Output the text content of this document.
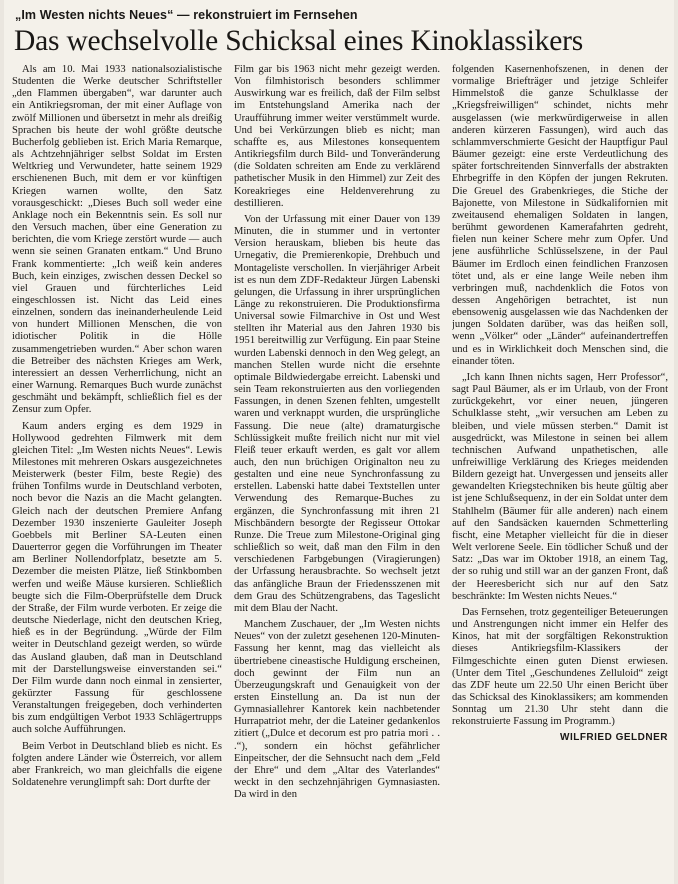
„Im Westen nichts Neues“ — rekonstruiert im Fernsehen
Das wechselvolle Schicksal eines Kinoklassikers

Als am 10. Mai 1933 nationalsozialistische Studenten die Werke deutscher Schriftsteller „den Flammen übergaben“, war darunter auch ein Antikriegsroman, der mit einer Auflage von zwölf Millionen und übersetzt in mehr als dreißig Sprachen bis heute der wohl größte deutsche Bucherfolg geblieben ist. Erich Maria Remarque, als Achtzehnjähriger selbst Soldat im Ersten Weltkrieg und Verwundeter, hatte seinem 1929 erschienenen Buch, mit dem er vor künftigen Kriegen warnen wollte, den Satz vorausgeschickt: „Dieses Buch soll weder eine Anklage noch ein Bekenntnis sein. Es soll nur den Versuch machen, über eine Generation zu berichten, die vom Kriege zerstört wurde — auch wenn sie seinen Granaten entkam.“ Und Bruno Frank kommentierte: „Ich weiß kein anderes Buch, kein einziges, zwischen dessen Deckel so viel Grauen und fürchterliches Leid eingeschlossen ist. Nicht das Leid eines einzelnen, sondern das ineinanderheulende Leid von hundert Millionen Menschen, die von idiotischer Politik in die Hölle zusammengetrieben wurden.“ Aber schon waren die Betreiber des nächsten Krieges am Werk, interessiert an dessen Verherrlichung, nicht an einer Warnung. Remarques Buch wurde zunächst geschmäht und bekämpft, schließlich fiel es der Zensur zum Opfer.

Kaum anders erging es dem 1929 in Hollywood gedrehten Filmwerk mit dem gleichen Titel: „Im Westen nichts Neues“. Lewis Milestones mit mehreren Oskars ausgezeichnetes Meisterwerk (bester Film, beste Regie) des frühen Tonfilms wurde in Deutschland verboten, noch bevor die Nazis an die Macht gelangten. Gleich nach der deutschen Premiere Anfang Dezember 1930 inszenierte Gauleiter Joseph Goebbels mit Berliner SA-Leuten einen Dauerterror gegen die Vorführungen im Theater am Berliner Nollendorfplatz, besetzte am 5. Dezember die meisten Plätze, ließ Stinkbomben werfen und weiße Mäuse kursieren. Schließlich beugte sich die Film-Oberprüfstelle dem Druck der Straße, der Film wurde verboten. Er zeige die deutsche Niederlage, nicht den deutschen Krieg, hieß es in der Begründung. „Würde der Film weiter in Deutschland gezeigt werden, so würde das Ausland glauben, daß man in Deutschland mit der Darstellungsweise einverstanden sei.“ Der Film wurde dann noch einmal in zensierter, gekürzter Fassung für geschlossene Veranstaltungen freigegeben, doch verhinderten bis zum endgültigen Verbot 1933 Schlägertrupps auch solche Aufführungen.

Beim Verbot in Deutschland blieb es nicht. Es folgten andere Länder wie Österreich, vor allem aber Frankreich, wo man gleichfalls die eigene Soldatenehre verunglimpft sah: Dort durfte der

Film gar bis 1963 nicht mehr gezeigt werden. Von filmhistorisch besonders schlimmer Auswirkung war es freilich, daß der Film selbst im Entstehungsland Amerika nach der Uraufführung immer weiter verstümmelt wurde. Und bei Verkürzungen blieb es nicht; man schaffte es, aus Milestones konsequentem Antikriegsfilm durch Bild- und Tonveränderung (die Soldaten schreiten am Ende zu verklärend pathetischer Musik in den Himmel) zur Zeit des Koreakrieges eine Heldenverehrung zu destillieren.

Von der Urfassung mit einer Dauer von 139 Minuten, die in stummer und in vertonter Version herauskam, blieben bis heute das Urnegativ, die Premierenkopie, Drehbuch und Montageliste verschollen. In vierjähriger Arbeit ist es nun dem ZDF-Redakteur Jürgen Labenski gelungen, die Urfassung in ihrer ursprünglichen Länge zu rekonstruieren. Die Produktionsfirma Universal sowie Filmarchive in Ost und West stellten ihr Material aus den Jahren 1930 bis 1951 bereitwillig zur Verfügung. Ein paar Steine wurden Labenski dennoch in den Weg gelegt, an manchen Stellen wurde nicht die ersehnte optimale Bildwiedergabe erreicht. Labenski und sein Team rekonstruierten aus den vorliegenden Fassungen, in denen Szenen fehlten, umgestellt waren und verknappt wurden, die ursprüngliche Fassung. Die neue (alte) dramaturgische Schlüssigkeit mußte freilich nicht nur mit viel Fleiß teuer erkauft werden, es galt vor allem auch, den nun brüchigen Originalton neu zu gestalten und eine neue Synchronfassung zu erstellen. Labenski hatte dabei Textstellen unter Verwendung des Remarque-Buches zu ergänzen, die Synchronfassung mit ihren 21 Mischbändern besorgte der Regisseur Ottokar Runze. Die Treue zum Milestone-Original ging schließlich so weit, daß man den Film in den verschiedenen Farbgebungen (Viragierungen) der Urfassung herausbrachte. So wechselt jetzt das anfängliche Braun der Friedensszenen mit dem Grau des Schützengrabens, das Tageslicht mit dem Blau der Nacht.

Manchem Zuschauer, der „Im Westen nichts Neues“ von der zuletzt gesehenen 120-Minuten-Fassung her kennt, mag das vielleicht als übertriebene cineastische Huldigung erscheinen, doch gewinnt der Film nun an Überzeugungskraft und Genauigkeit von der ersten Einstellung an. Da ist nun der Gymnasiallehrer Kantorek kein nachbetender Hurrapatriot mehr, der die Lateiner gedankenlos zitiert („Dulce et decorum est pro patria mori . . .“), sondern ein höchst gefährlicher Einpeitscher, der die Sehnsucht nach dem „Feld der Ehre“ und dem „Altar des Vaterlandes“ weckt in den sechzehnjährigen Gymnasiasten. Da wird in den

folgenden Kasernenhofszenen, in denen der vormalige Briefträger und jetzige Schleifer Himmelstoß die ganze Schulklasse der „Kriegsfreiwilligen“ schindet, nichts mehr ausgelassen (wie merkwürdigerweise in allen anderen kürzeren Fassungen), wird auch das schlammverschmierte Gesicht der Hauptfigur Paul Bäumer gezeigt: eine erste Verdeutlichung des später fortschreitenden Sinnverfalls der abstrakten Ehrbegriffe in den Köpfen der jungen Rekruten. Die Greuel des Grabenkrieges, die Stiche der Bajonette, von Milestone in Südkalifornien mit zweitausend ehemaligen Soldaten in langen, berühmt gewordenen Kamerafahrten gedreht, fielen nun keiner Schere mehr zum Opfer. Und jene ausführliche Schlüsselszene, in der Paul Bäumer im Erdloch einen feindlichen Franzosen tötet und, als er eine lange Weile neben ihm verbringen muß, nachdenklich die Fotos von dessen Angehörigen betrachtet, ist nun ebensowenig ausgelassen wie das Nachdenken der jungen Soldaten darüber, was das heißen soll, wenn „Völker“ oder „Länder“ aufeinandertreffen und es in Wirklichkeit doch Menschen sind, die einander töten.

„Ich kann Ihnen nichts sagen, Herr Professor“, sagt Paul Bäumer, als er im Urlaub, von der Front zurückgekehrt, vor einer neuen, jüngeren Schulklasse steht, „wir versuchen am Leben zu bleiben, und viele müssen sterben.“ Damit ist ausgedrückt, was Milestone in seinen bei allem technischen Aufwand unpathetischen, alle unfreiwillige Verklärung des Krieges meidenden Bildern gezeigt hat. Unvergessen und jenseits aller gewandelten Kriegstechniken bis heute gültig aber ist jene Schlußsequenz, in der ein Soldat unter dem Stahlhelm (Bäumer für alle anderen) nach einem auf den Sandsäcken kauernden Schmetterling fischt, eine Metapher vielleicht für die in dieser Welt verlorene Seele. Ein tödlicher Schuß und der Satz: „Das war im Oktober 1918, an einem Tag, der so ruhig und still war an der ganzen Front, daß der Heeresbericht sich nur auf den Satz beschränkte: Im Westen nichts Neues.“

Das Fernsehen, trotz gegenteiliger Beteuerungen und Anstrengungen nicht immer ein Helfer des Kinos, hat mit der sorgfältigen Rekonstruktion dieses Antikriegsfilm-Klassikers der Filmgeschichte einen guten Dienst erwiesen. (Unter dem Titel „Geschundenes Zelluloid“ zeigt das ZDF heute um 22.50 Uhr einen Bericht über das Schicksal des Kinoklassikers; am kommenden Sonntag um 21.30 Uhr steht dann die rekonstruierte Fassung im Programm.)

WILFRIED GELDNER
